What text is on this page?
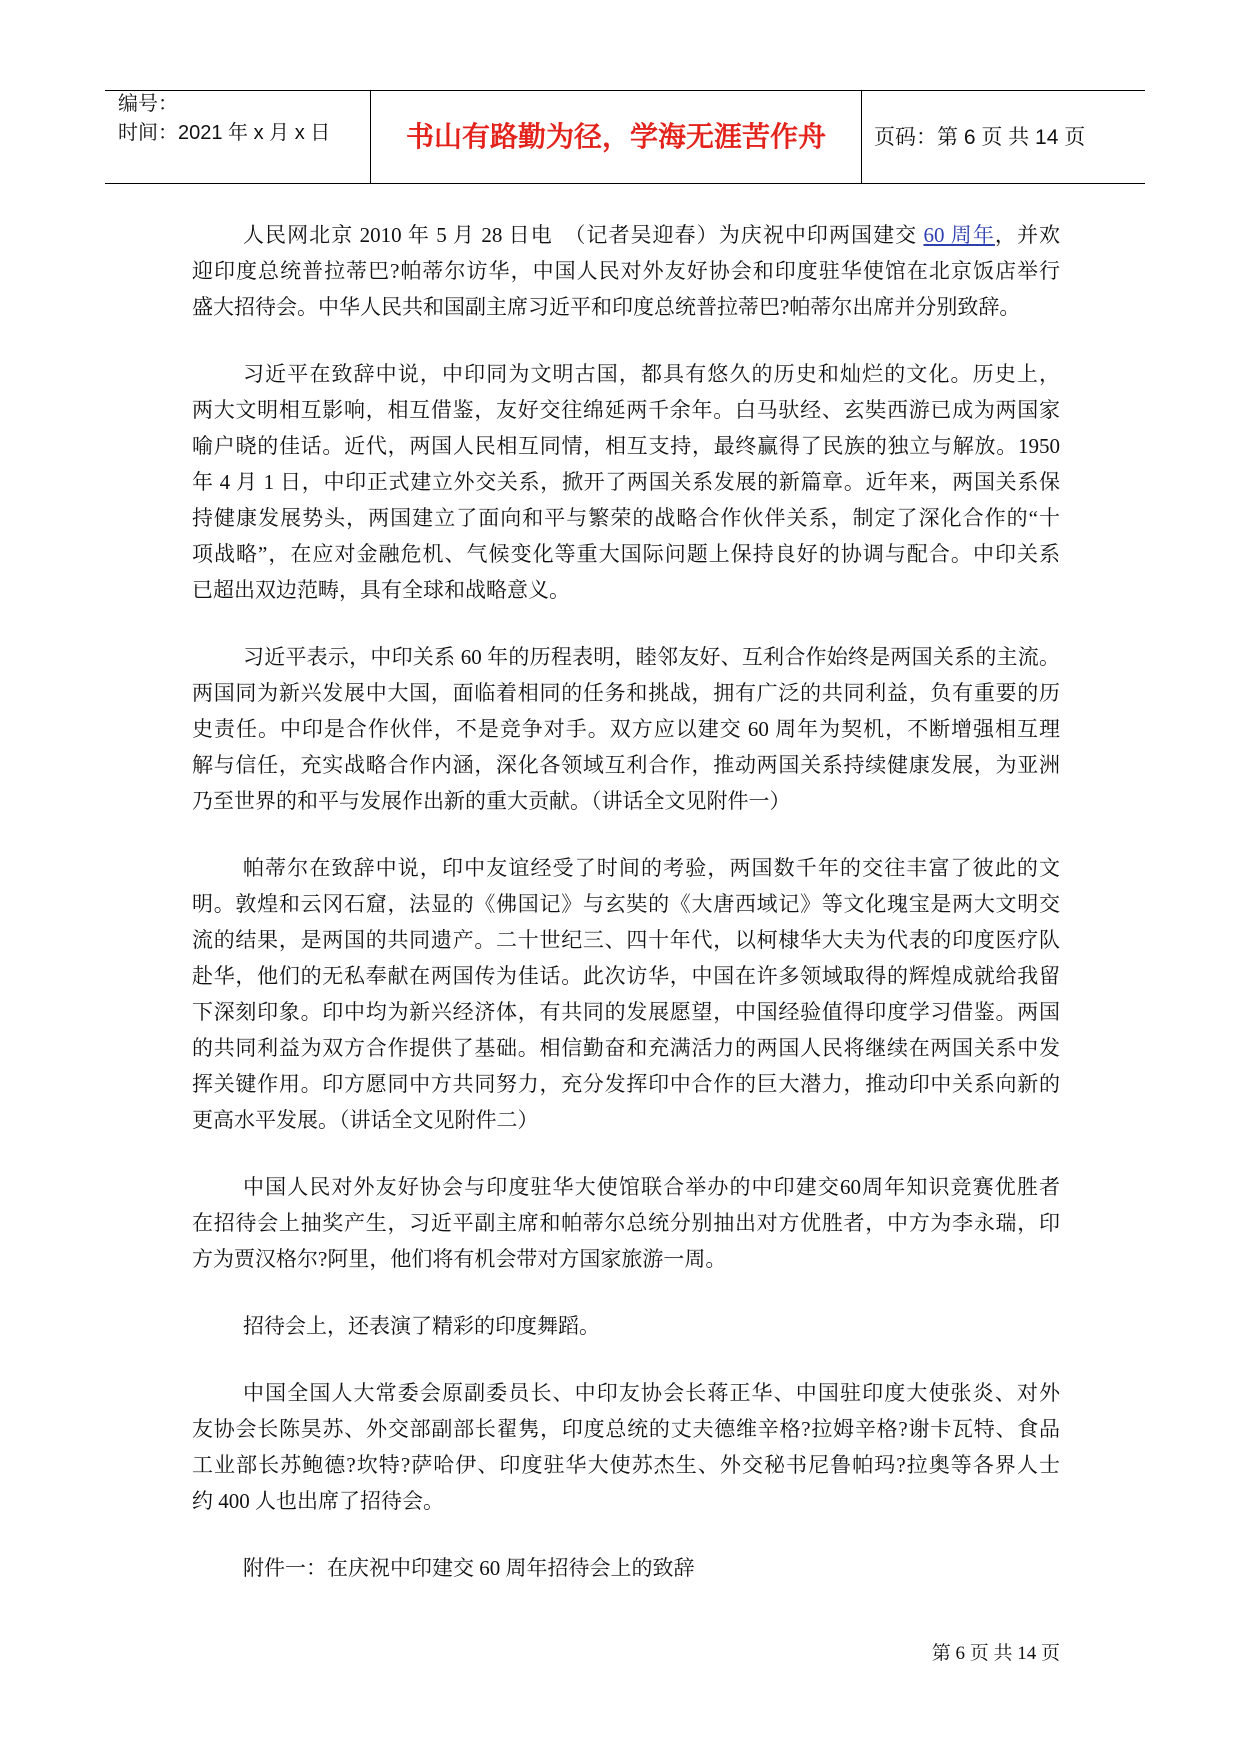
编号：
时间：2021 年 x 月 x 日	书山有路勤为径，学海无涯苦作舟	页码：第 6 页 共 14 页
人民网北京 2010 年 5 月 28 日电　（记者吴迎春）为庆祝中印两国建交 60 周年，并欢
迎印度总统普拉蒂巴?帕蒂尔访华，中国人民对外友好协会和印度驻华使馆在北京饭店举行
盛大招待会。中华人民共和国副主席习近平和印度总统普拉蒂巴?帕蒂尔出席并分别致辞。
习近平在致辞中说，中印同为文明古国，都具有悠久的历史和灿烂的文化。历史上，
两大文明相互影响，相互借鉴，友好交往绵延两千余年。白马驮经、玄奘西游已成为两国家
喻户晓的佳话。近代，两国人民相互同情，相互支持，最终赢得了民族的独立与解放。1950
年 4 月 1 日，中印正式建立外交关系，掀开了两国关系发展的新篇章。近年来，两国关系保
持健康发展势头，两国建立了面向和平与繁荣的战略合作伙伴关系，制定了深化合作的“十
项战略”，在应对金融危机、气候变化等重大国际问题上保持良好的协调与配合。中印关系
已超出双边范畴，具有全球和战略意义。
习近平表示，中印关系 60 年的历程表明，睦邻友好、互利合作始终是两国关系的主流。
两国同为新兴发展中大国，面临着相同的任务和挑战，拥有广泛的共同利益，负有重要的历
史责任。中印是合作伙伴，不是竞争对手。双方应以建交 60 周年为契机，不断增强相互理
解与信任，充实战略合作内涵，深化各领域互利合作，推动两国关系持续健康发展，为亚洲
乃至世界的和平与发展作出新的重大贡献。（讲话全文见附件一）
帕蒂尔在致辞中说，印中友谊经受了时间的考验，两国数千年的交往丰富了彼此的文
明。敦煌和云冈石窟，法显的《佛国记》与玄奘的《大唐西域记》等文化瑰宝是两大文明交
流的结果，是两国的共同遗产。二十世纪三、四十年代，以柯棣华大夫为代表的印度医疗队
赴华，他们的无私奉献在两国传为佳话。此次访华，中国在许多领域取得的辉煌成就给我留
下深刻印象。印中均为新兴经济体，有共同的发展愿望，中国经验值得印度学习借鉴。两国
的共同利益为双方合作提供了基础。相信勤奋和充满活力的两国人民将继续在两国关系中发
挥关键作用。印方愿同中方共同努力，充分发挥印中合作的巨大潜力，推动印中关系向新的
更高水平发展。（讲话全文见附件二）
中国人民对外友好协会与印度驻华大使馆联合举办的中印建交60周年知识竞赛优胜者
在招待会上抽奖产生，习近平副主席和帕蒂尔总统分别抽出对方优胜者，中方为李永瑞，印
方为贾汉格尔?阿里，他们将有机会带对方国家旅游一周。
招待会上，还表演了精彩的印度舞蹈。
中国全国人大常委会原副委员长、中印友协会长蒋正华、中国驻印度大使张炎、对外
友协会长陈昊苏、外交部副部长翟隽，印度总统的丈夫德维辛格?拉姆辛格?谢卡瓦特、食品
工业部长苏鲍德?坎特?萨哈伊、印度驻华大使苏杰生、外交秘书尼鲁帕玛?拉奥等各界人士
约 400 人也出席了招待会。
附件一：在庆祝中印建交 60 周年招待会上的致辞
第 6 页 共 14 页
